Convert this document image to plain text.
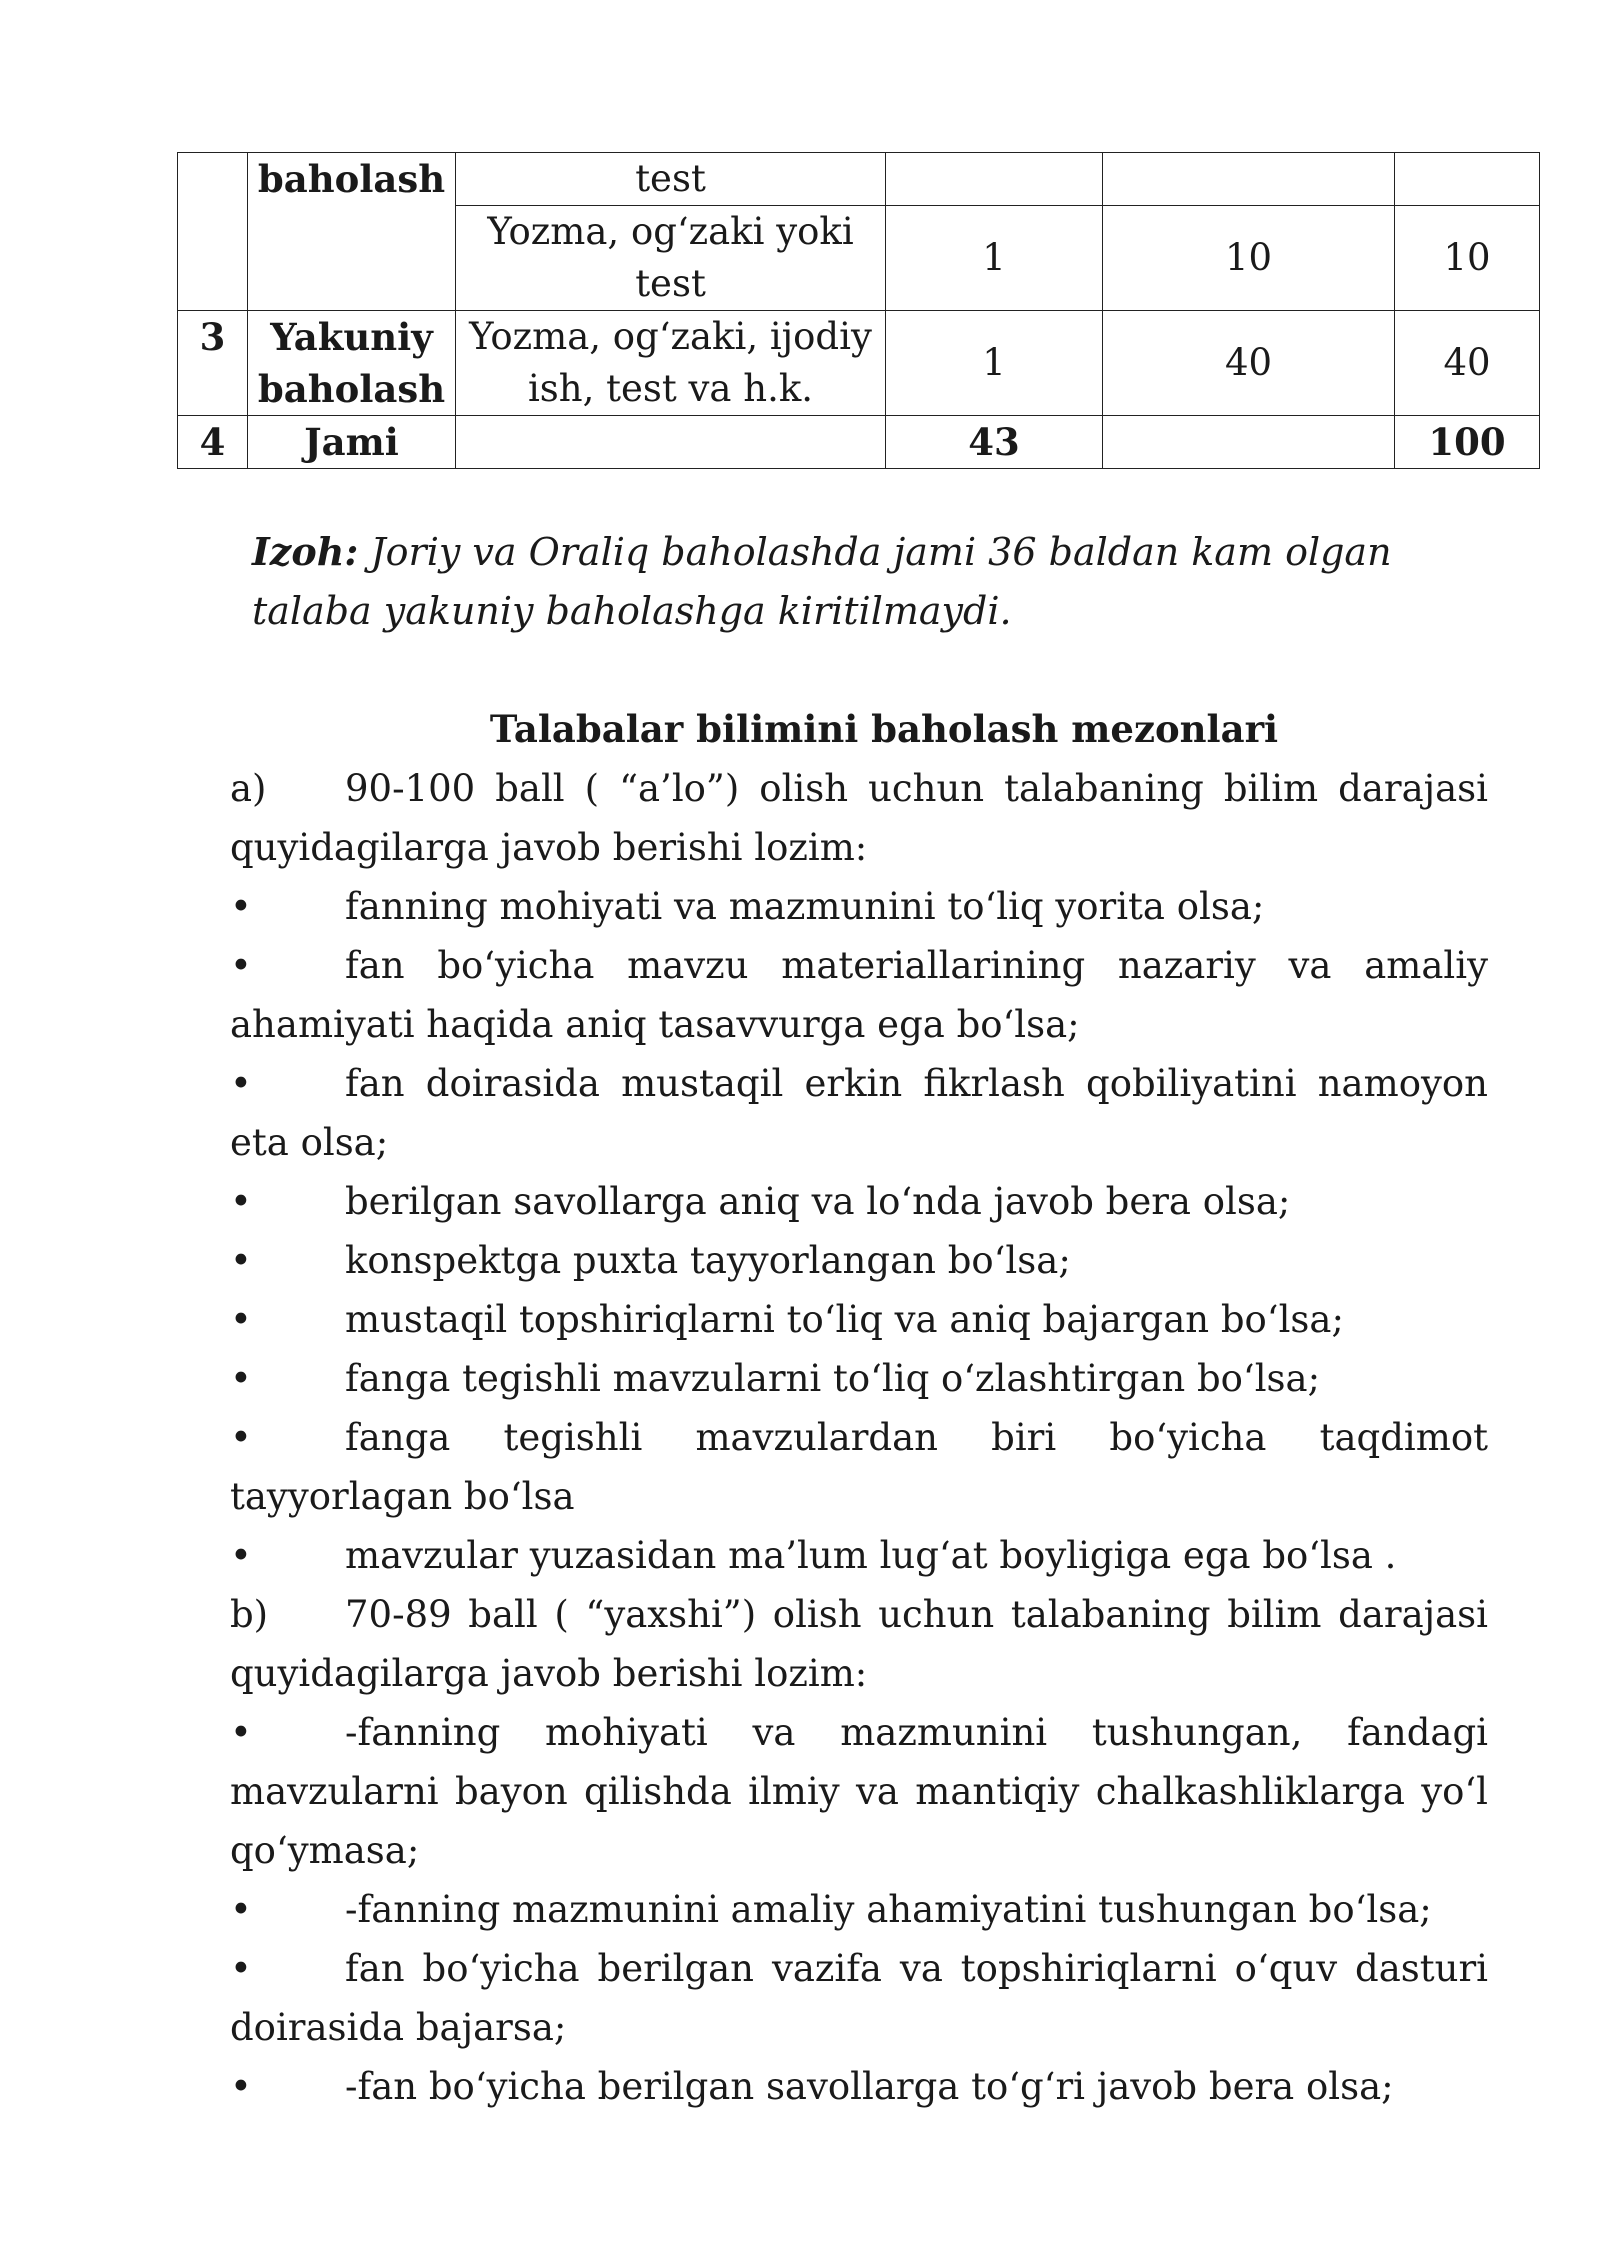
	baholash	test			
		Yozma, og‘zaki yoki test	1	10	10
3	Yakuniy baholash	Yozma, og‘zaki, ijodiy ish, test va h.k.	1	40	40
4	Jami		43		100
Izoh: Joriy va Oraliq baholashda jami 36 baldan kam olgan talaba yakuniy baholashga kiritilmaydi.
Talabalar bilimini baholash mezonlari

a) 90-100 ball ( “a’lo”) olish uchun talabaning bilim darajasi quyidagilarga javob berishi lozim:

•	fanning mohiyati va mazmunini to‘liq yorita olsa;

•	fan bo‘yicha mavzu materiallarining nazariy va amaliy ahamiyati haqida aniq tasavvurga ega bo‘lsa;

•	fan doirasida mustaqil erkin fikrlash qobiliyatini namoyon eta olsa;

•	berilgan savollarga aniq va lo‘nda javob bera olsa;

•	konspektga puxta tayyorlangan bo‘lsa;

•	mustaqil topshiriqlarni to‘liq va aniq bajargan bo‘lsa;

•	fanga tegishli mavzularni to‘liq o‘zlashtirgan bo‘lsa;

•	fanga tegishli mavzulardan biri bo‘yicha taqdimot tayyorlagan bo‘lsa

•	mavzular yuzasidan ma’lum lug‘at boyligiga ega bo‘lsa .

b) 70-89 ball ( “yaxshi”) olish uchun talabaning bilim darajasi quyidagilarga javob berishi lozim:

•	-fanning mohiyati va mazmunini tushungan, fandagi mavzularni bayon qilishda ilmiy va mantiqiy chalkashliklarga yo‘l qo‘ymasa;

•	-fanning mazmunini amaliy ahamiyatini tushungan bo‘lsa;

•	fan bo‘yicha berilgan vazifa va topshiriqlarni o‘quv dasturi doirasida bajarsa;

•	-fan bo‘yicha berilgan savollarga to‘g‘ri javob bera olsa;
